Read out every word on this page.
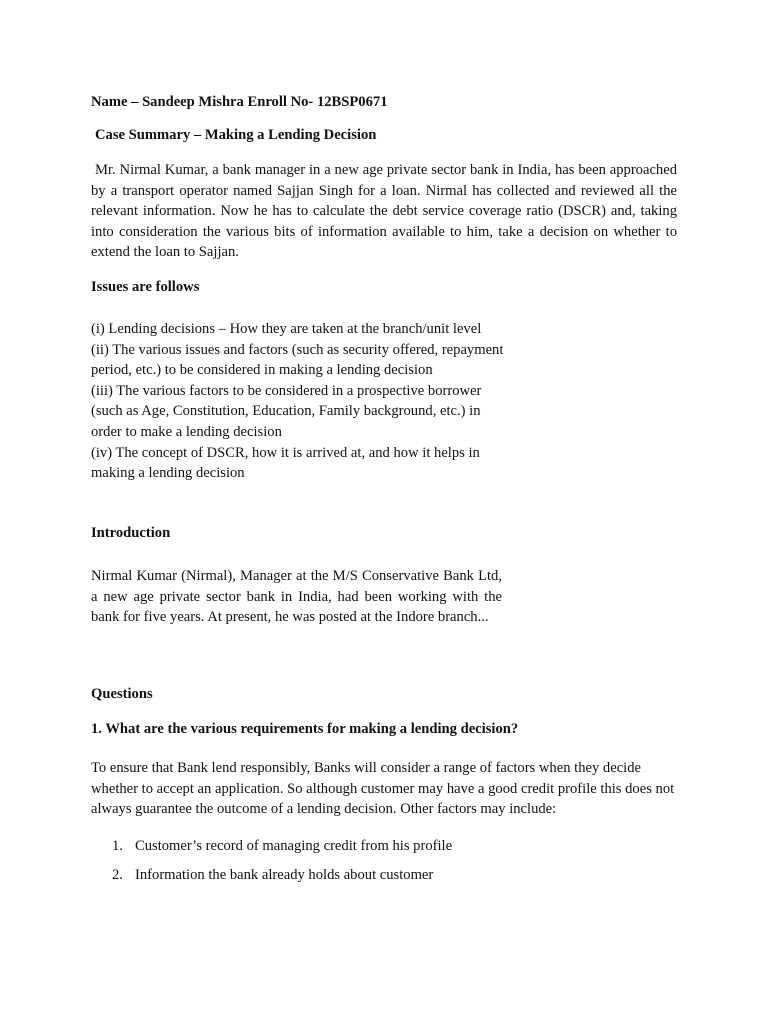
Name – Sandeep Mishra Enroll No- 12BSP0671
Case Summary – Making a Lending Decision
Mr. Nirmal Kumar, a bank manager in a new age private sector bank in India, has been approached by a transport operator named Sajjan Singh for a loan. Nirmal has collected and reviewed all the relevant information. Now he has to calculate the debt service coverage ratio (DSCR) and, taking into consideration the various bits of information available to him, take a decision on whether to extend the loan to Sajjan.
Issues are follows
(i) Lending decisions – How they are taken at the branch/unit level
(ii) The various issues and factors (such as security offered, repayment period, etc.) to be considered in making a lending decision
(iii) The various factors to be considered in a prospective borrower (such as Age, Constitution, Education, Family background, etc.) in order to make a lending decision
(iv) The concept of DSCR, how it is arrived at, and how it helps in making a lending decision
Introduction
Nirmal Kumar (Nirmal), Manager at the M/S Conservative Bank Ltd, a new age private sector bank in India, had been working with the bank for five years. At present, he was posted at the Indore branch...
Questions
1. What are the various requirements for making a lending decision?
To ensure that Bank lend responsibly, Banks will consider a range of factors when they decide whether to accept an application. So although customer may have a good credit profile this does not always guarantee the outcome of a lending decision. Other factors may include:
1. Customer’s record of managing credit from his profile
2. Information the bank already holds about customer
